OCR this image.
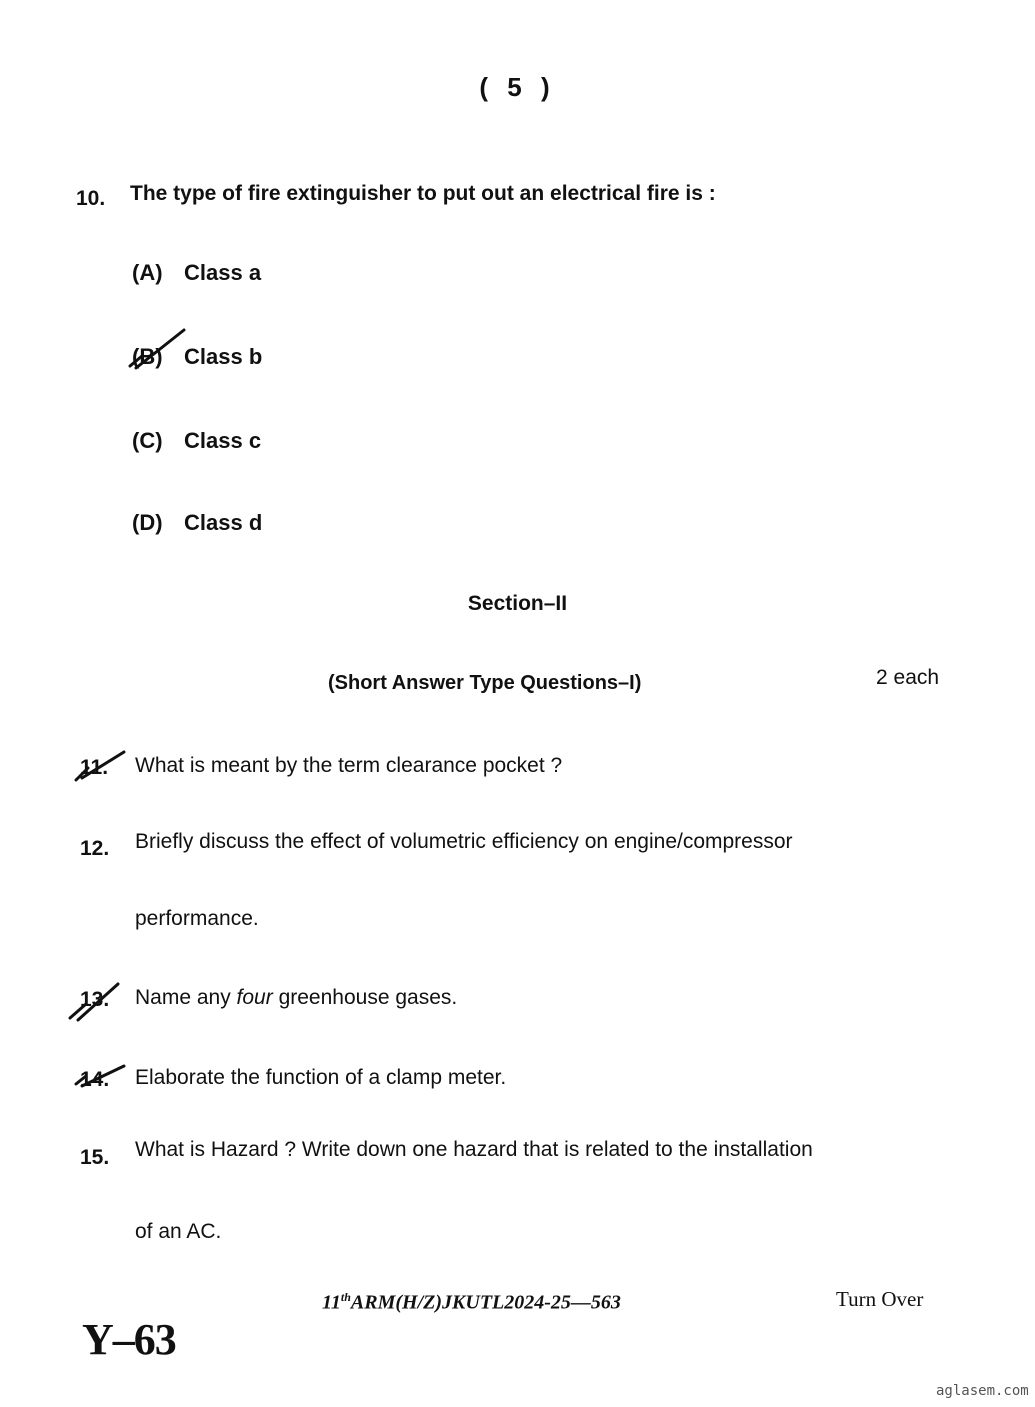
( 5 )
10. The type of fire extinguisher to put out an electrical fire is :
(A) Class a
(B) Class b
(C) Class c
(D) Class d
Section–II
(Short Answer Type Questions–I)	2 each
11. What is meant by the term clearance pocket ?
12. Briefly discuss the effect of volumetric efficiency on engine/compressor
performance.
13. Name any four greenhouse gases.
14. Elaborate the function of a clamp meter.
15. What is Hazard ? Write down one hazard that is related to the installation
of an AC.
11thARM(H/Z)JKUTL2024-25—563	Turn Over
Y–63
aglasem.com
